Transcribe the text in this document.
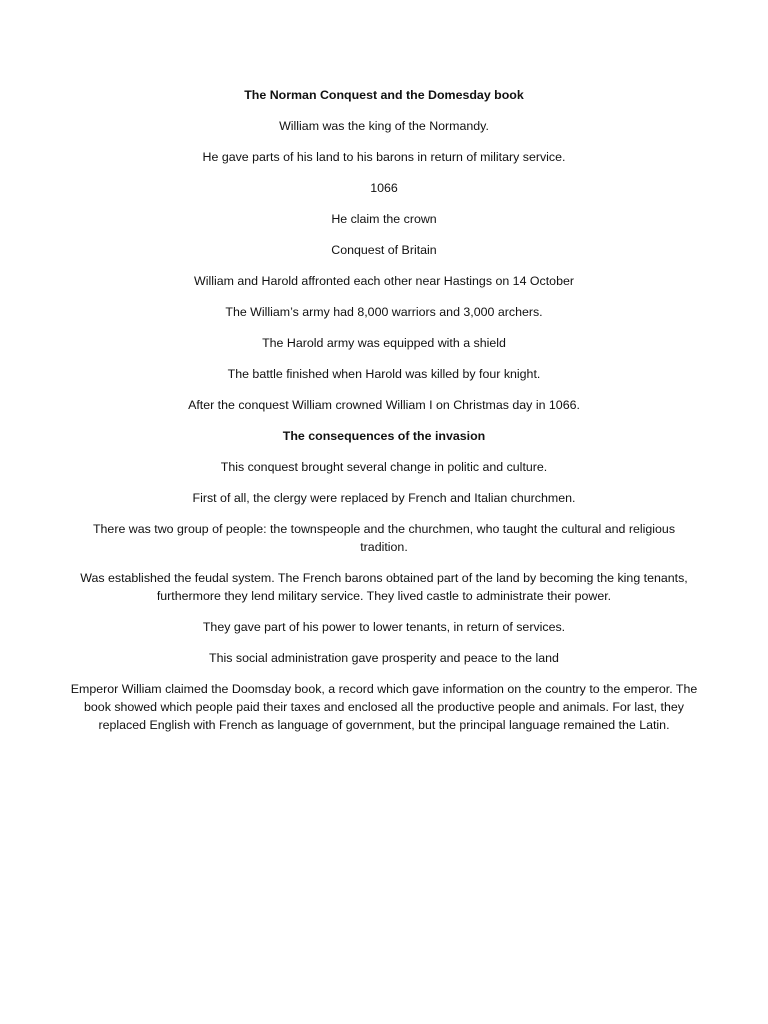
The Norman Conquest and the Domesday book

William was the king of the Normandy.

He gave parts of his land to his barons in return of military service.

1066

He claim the crown

Conquest of Britain

William and Harold affronted each other near Hastings on 14 October

The William’s army had 8,000 warriors and 3,000 archers.

The Harold army was equipped with a shield

The battle finished when Harold was killed by four knight.

After the conquest William crowned William I on Christmas day in 1066.

The consequences of the invasion

This conquest brought several change in politic and culture.

First of all, the clergy were replaced by French and Italian churchmen.

There was two group of people: the townspeople and the churchmen, who taught the cultural and religious tradition.

Was established the feudal system. The French barons obtained part of the land by becoming the king tenants, furthermore they lend military service. They lived castle to administrate their power.

They gave part of his power to lower tenants, in return of services.

This social administration gave prosperity and peace to the land

Emperor William claimed the Doomsday book, a record which gave information on the country to the emperor. The book showed which people paid their taxes and enclosed all the productive people and animals. For last, they replaced English with French as language of government, but the principal language remained the Latin.
